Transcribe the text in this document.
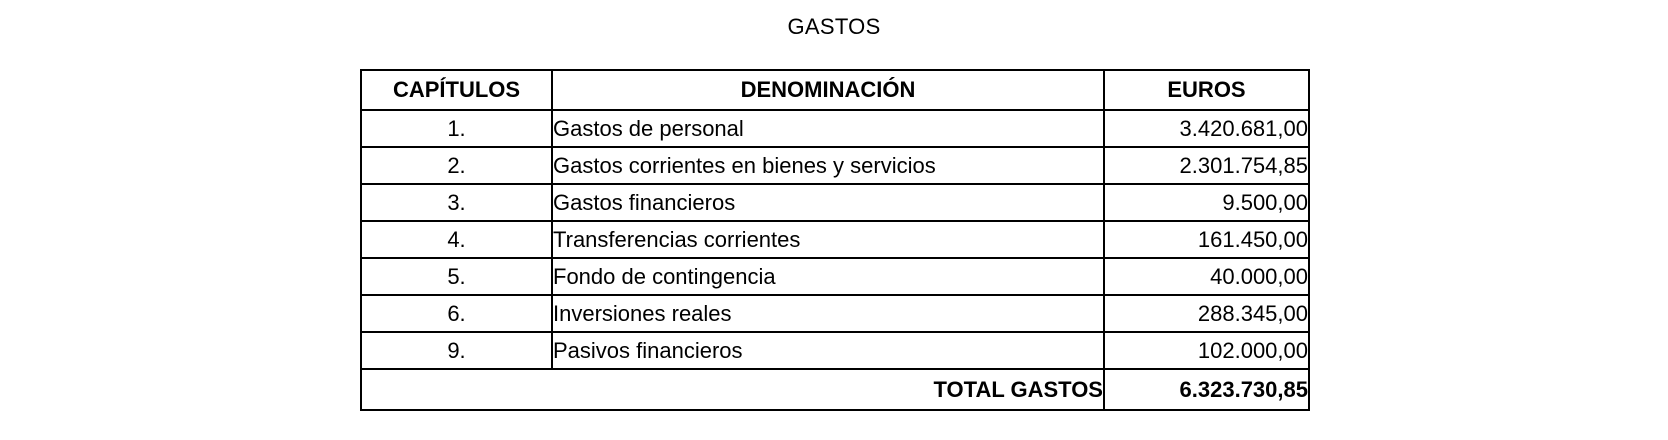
GASTOS
CAPÍTULOS	DENOMINACIÓN	EUROS
1.	Gastos de personal	3.420.681,00
2.	Gastos corrientes en bienes y servicios	2.301.754,85
3.	Gastos financieros	9.500,00
4.	Transferencias corrientes	161.450,00
5.	Fondo de contingencia	40.000,00
6.	Inversiones reales	288.345,00
9.	Pasivos financieros	102.000,00
TOTAL GASTOS		6.323.730,85
